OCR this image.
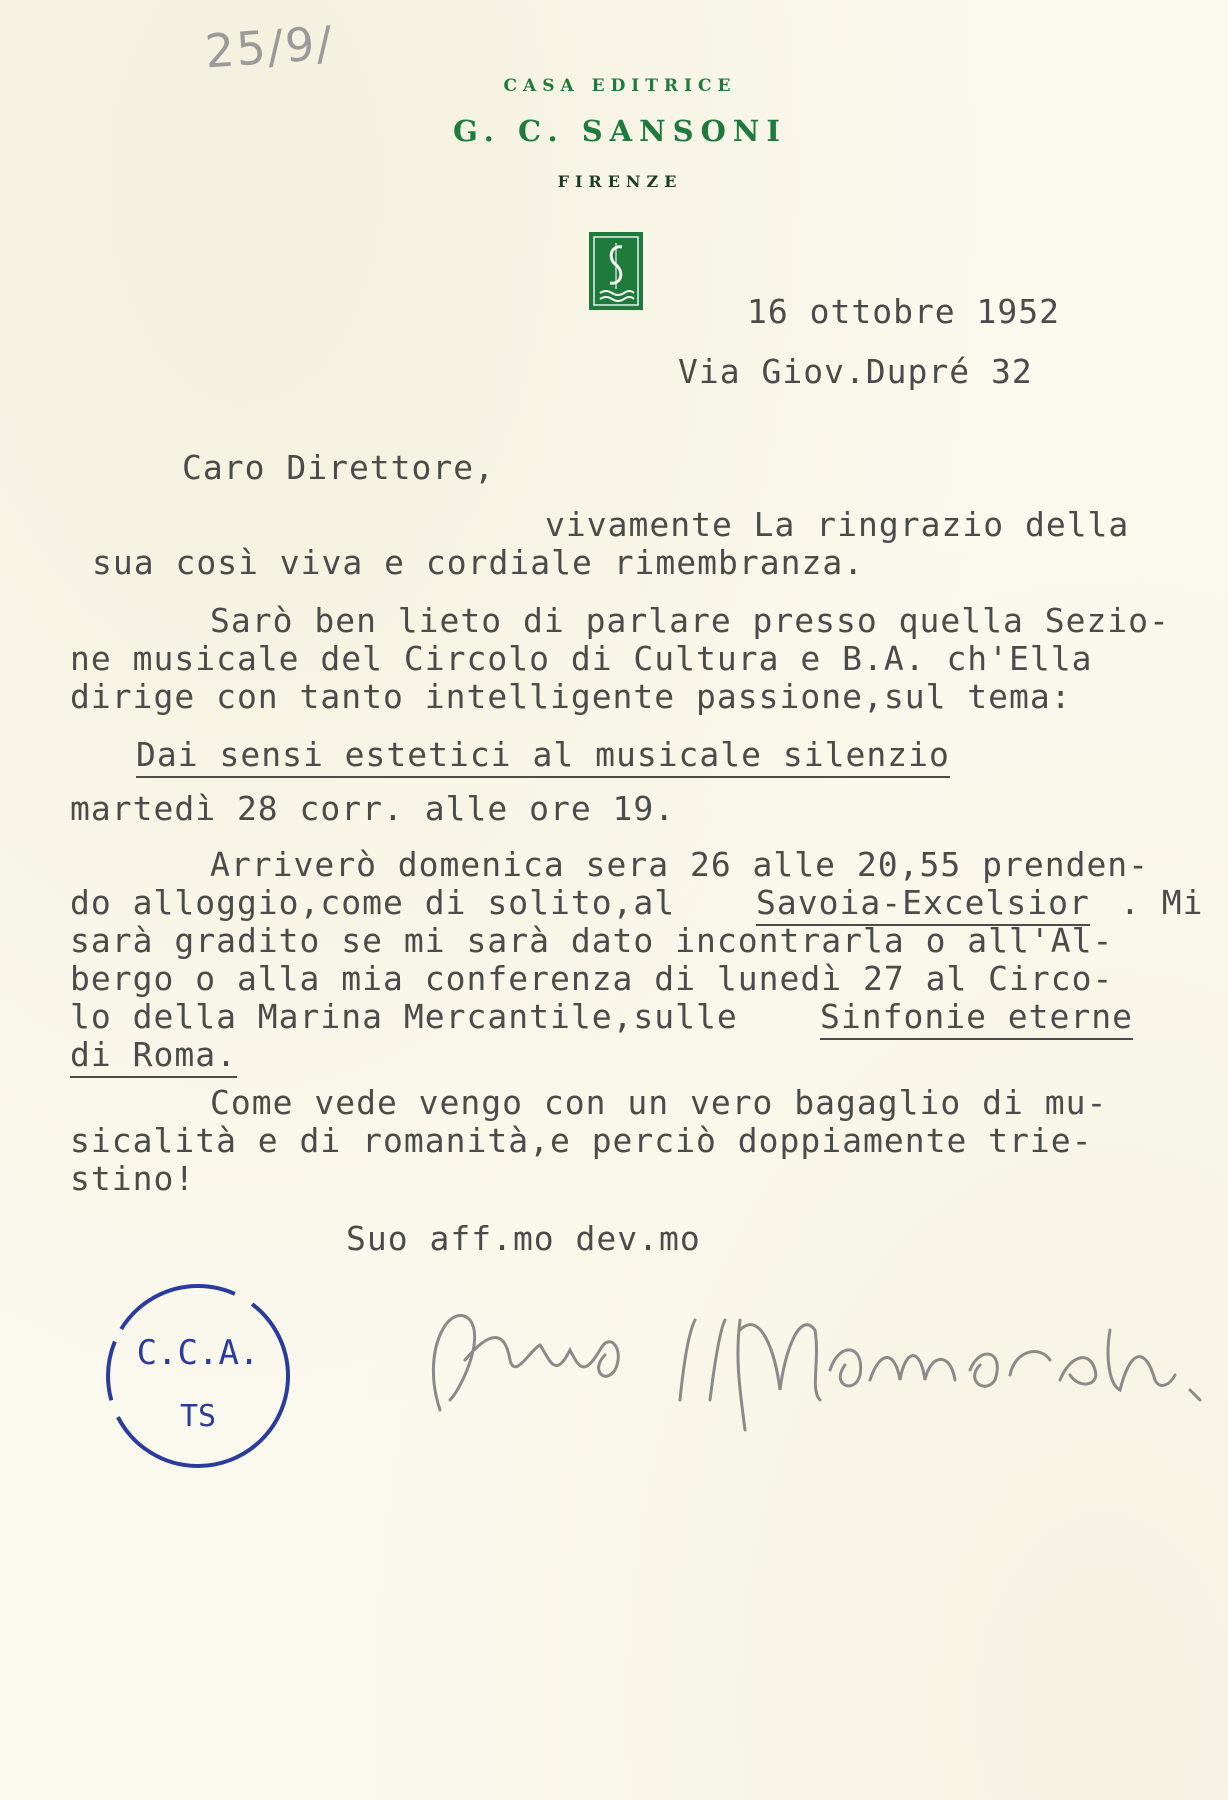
25/9/
CASA EDITRICE
G. C. SANSONI
FIRENZE
16 ottobre 1952
Via Giov.Dupré 32
Caro Direttore,
vivamente La ringrazio della
sua così viva e cordiale rimembranza.
Sarò ben lieto di parlare presso quella Sezio-
ne musicale del Circolo di Cultura e B.A. ch'Ella
dirige con tanto intelligente passione,sul tema:
Dai sensi estetici al musicale silenzio
martedì 28 corr. alle ore 19.
Arriverò domenica sera 26 alle 20,55 prenden-
do alloggio,come di solito,al Savoia-Excelsior . Mi
sarà gradito se mi sarà dato incontrarla o all'Al-
bergo o alla mia conferenza di lunedì 27 al Circo-
lo della Marina Mercantile,sulle Sinfonie eterne
di Roma.
Come vede vengo con un vero bagaglio di mu-
sicalità e di romanità,e perciò doppiamente trie-
stino!
Suo aff.mo dev.mo
C.C.A.
TS
